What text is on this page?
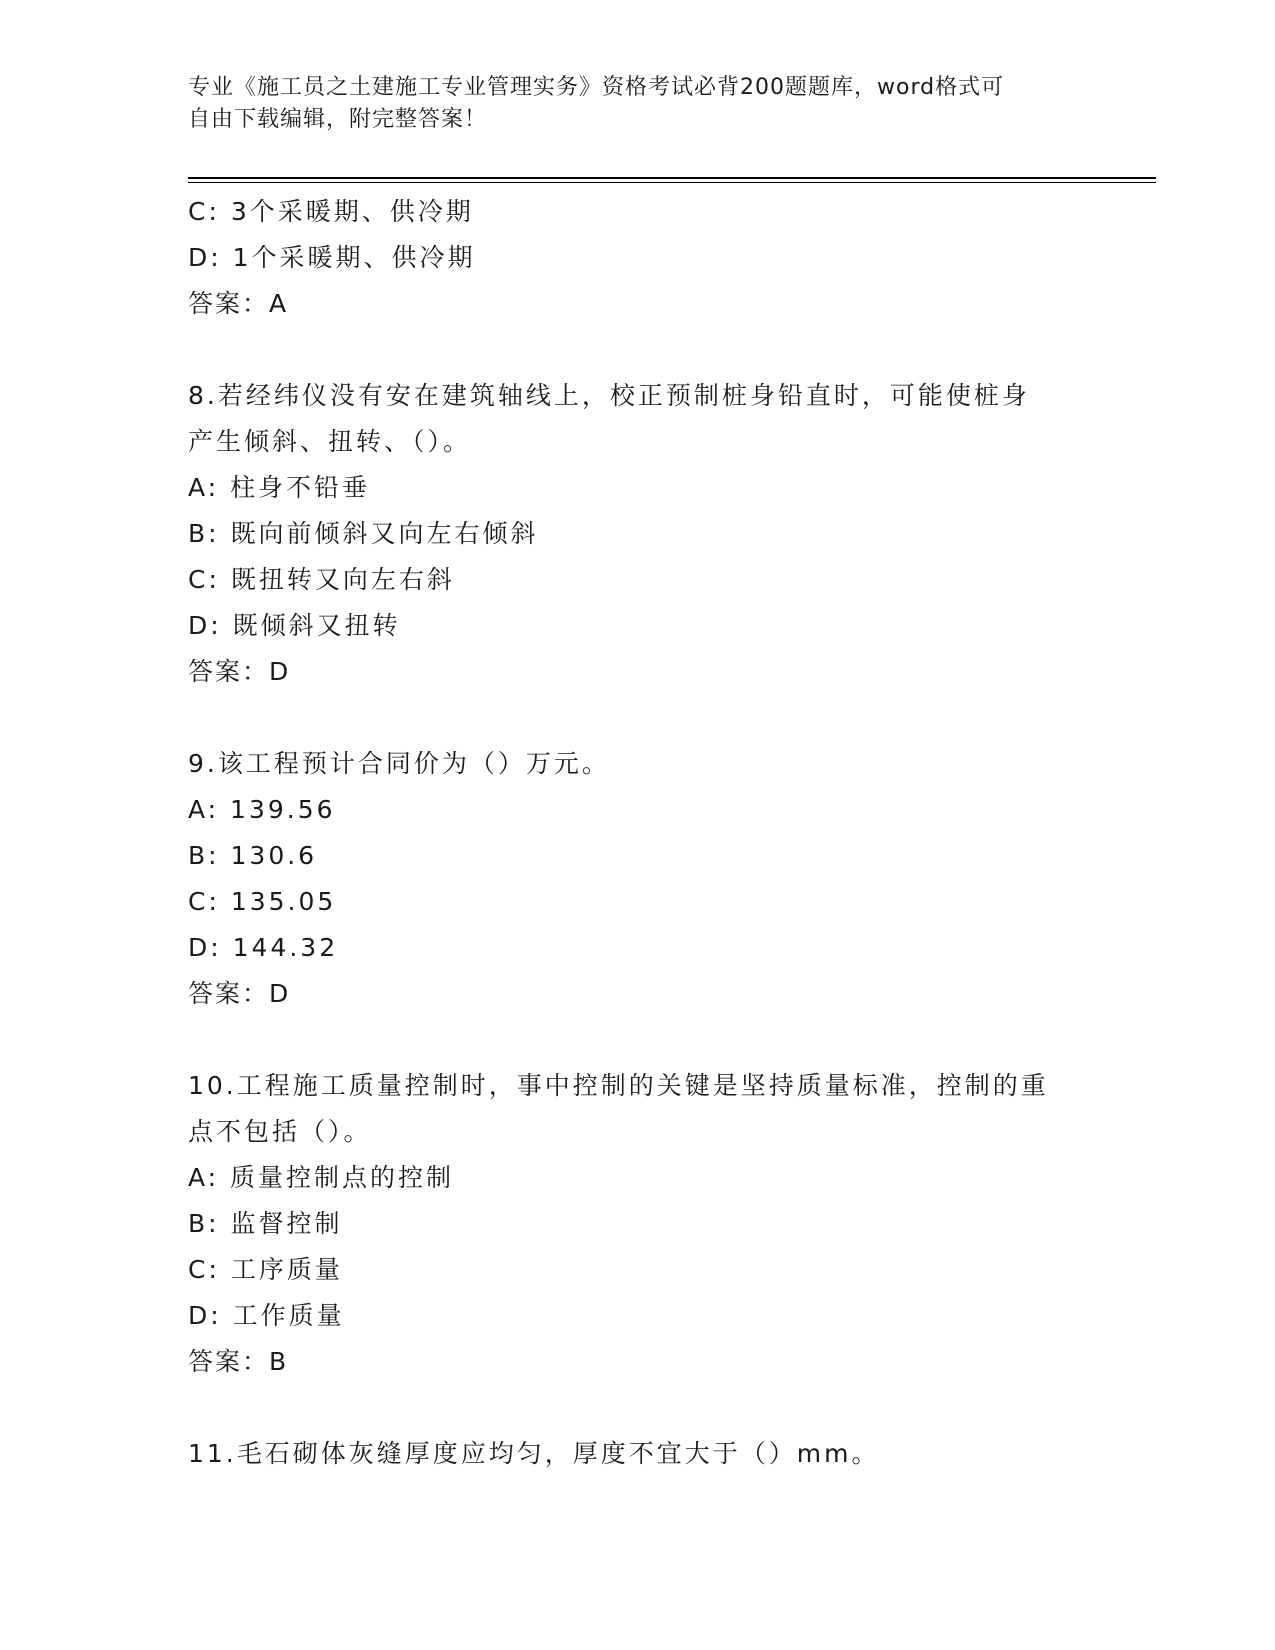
专业《施工员之土建施工专业管理实务》资格考试必背200题题库，word格式可
自由下载编辑，附完整答案！
C: 3个采暖期、供冷期
D: 1个采暖期、供冷期
答案：A
8.若经纬仪没有安在建筑轴线上，校正预制桩身铅直时，可能使桩身
产生倾斜、扭转、（）。
A: 柱身不铅垂
B: 既向前倾斜又向左右倾斜
C: 既扭转又向左右斜
D: 既倾斜又扭转
答案：D
9.该工程预计合同价为（）万元。
A: 139.56
B: 130.6
C: 135.05
D: 144.32
答案：D
10.工程施工质量控制时，事中控制的关键是坚持质量标准，控制的重
点不包括（）。
A: 质量控制点的控制
B: 监督控制
C: 工序质量
D: 工作质量
答案：B
11.毛石砌体灰缝厚度应均匀，厚度不宜大于（）mm。
